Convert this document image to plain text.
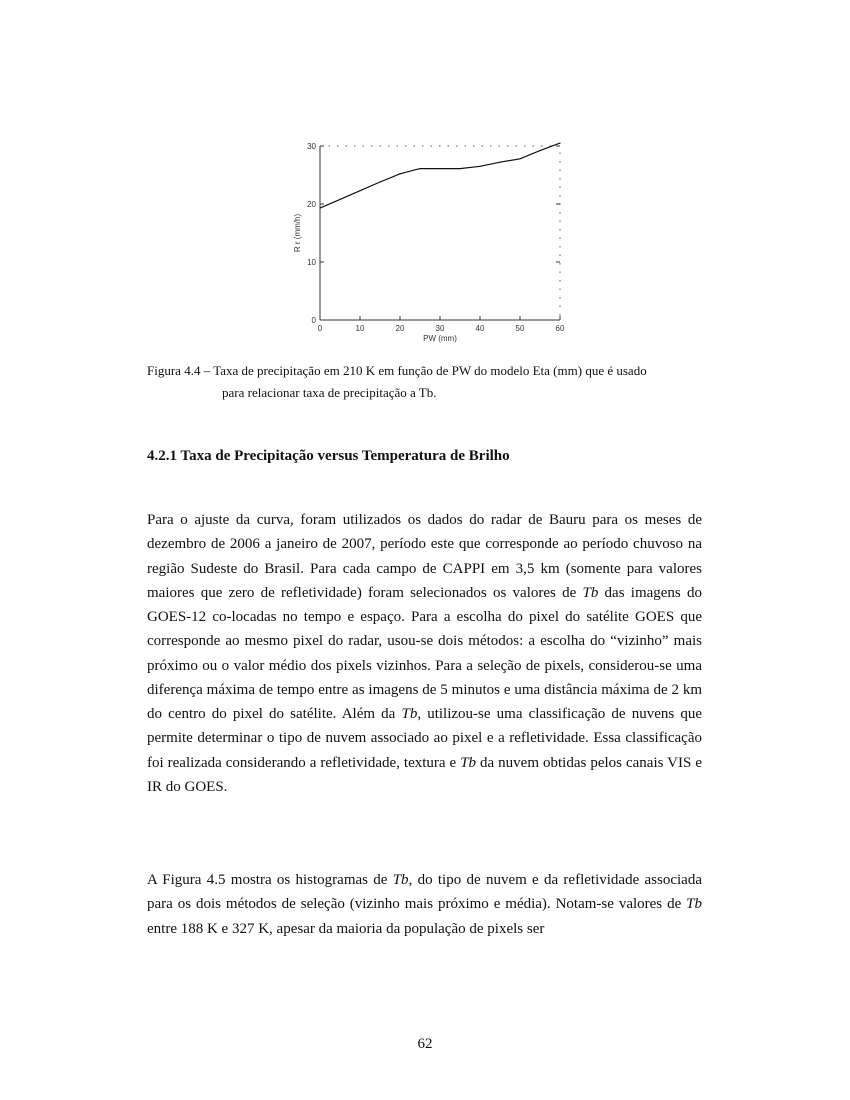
0	10	20	30	40	50	60
0
10
20
30
PW (mm)
R r (mm/h)
Figura 4.4 – Taxa de precipitação em 210 K em função de PW do modelo Eta (mm) que é usado
para relacionar taxa de precipitação a Tb.
4.2.1 Taxa de Precipitação versus Temperatura de Brilho

Para o ajuste da curva, foram utilizados os dados do radar de Bauru para os meses de dezembro de 2006 a janeiro de 2007, período este que corresponde ao período chuvoso na região Sudeste do Brasil. Para cada campo de CAPPI em 3,5 km (somente para valores maiores que zero de refletividade) foram selecionados os valores de Tb das imagens do GOES-12 co-locadas no tempo e espaço. Para a escolha do pixel do satélite GOES que corresponde ao mesmo pixel do radar, usou-se dois métodos: a escolha do “vizinho” mais próximo ou o valor médio dos pixels vizinhos. Para a seleção de pixels, considerou-se uma diferença máxima de tempo entre as imagens de 5 minutos e uma distância máxima de 2 km do centro do pixel do satélite. Além da Tb, utilizou-se uma classificação de nuvens que permite determinar o tipo de nuvem associado ao pixel e a refletividade. Essa classificação foi realizada considerando a refletividade, textura e Tb da nuvem obtidas pelos canais VIS e IR do GOES.

A Figura 4.5 mostra os histogramas de Tb, do tipo de nuvem e da refletividade associada para os dois métodos de seleção (vizinho mais próximo e média). Notam-se valores de Tb entre 188 K e 327 K, apesar da maioria da população de pixels ser

62
